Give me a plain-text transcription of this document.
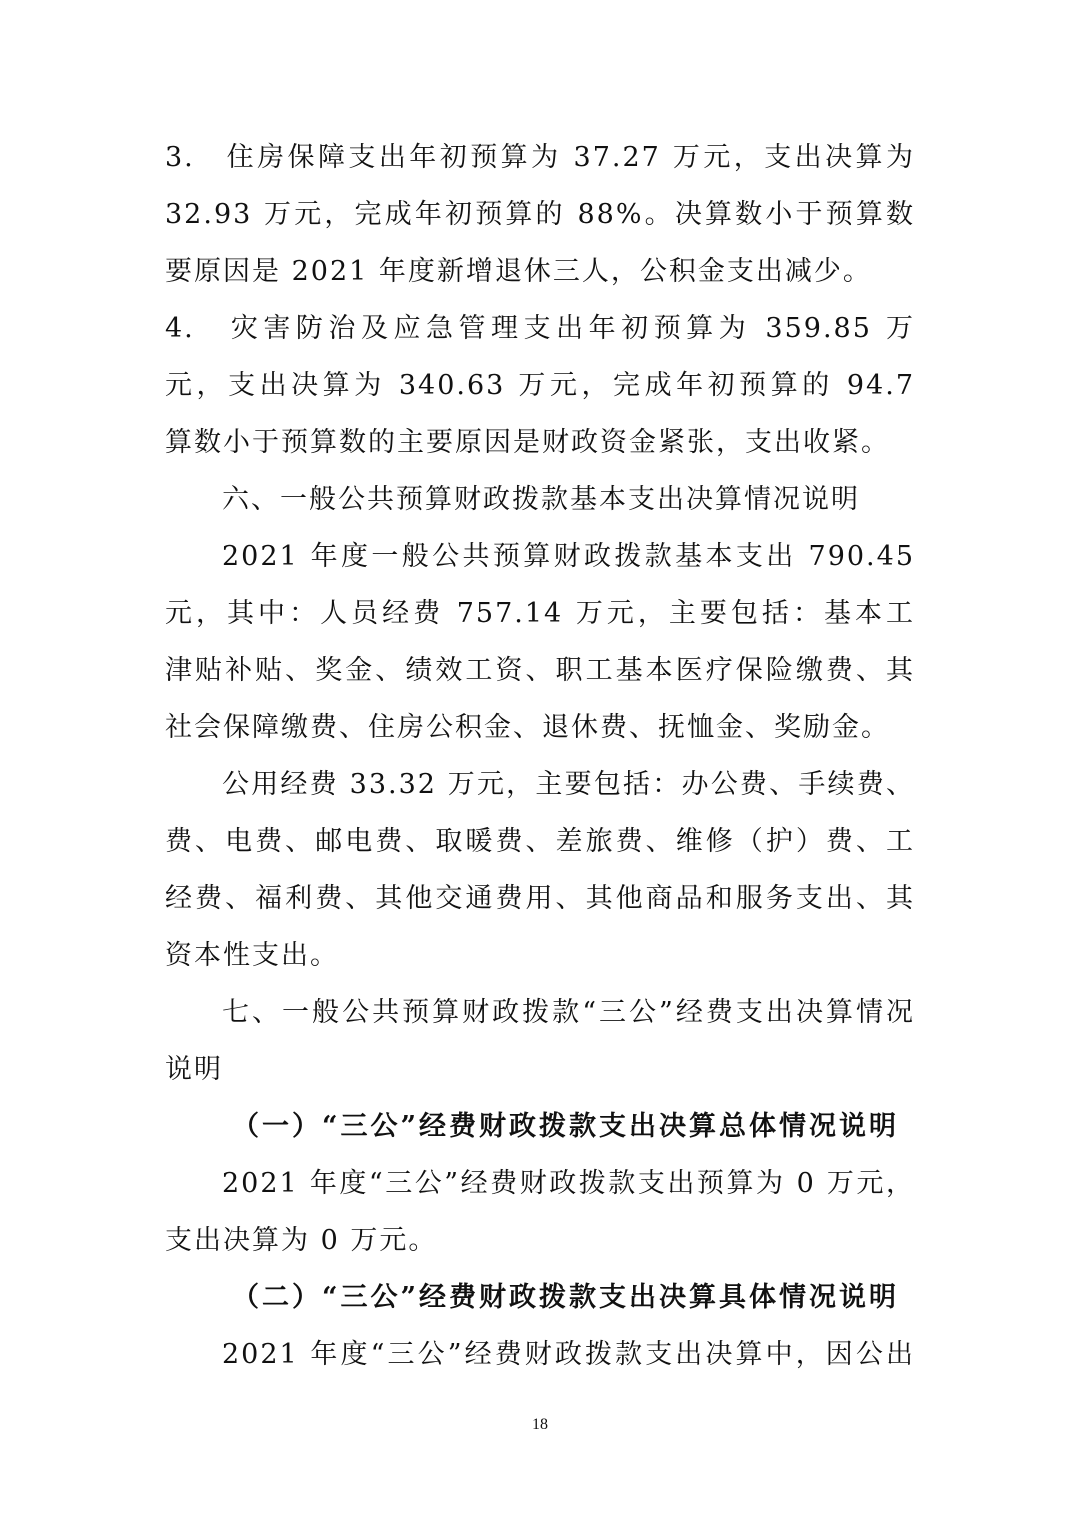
3.　住房保障支出年初预算为 37.27 万元，支出决算为
32.93 万元，完成年初预算的 88%。决算数小于预算数
要原因是 2021 年度新增退休三人，公积金支出减少。
4.　灾害防治及应急管理支出年初预算为 359.85 万
元，支出决算为 340.63 万元，完成年初预算的 94.7
算数小于预算数的主要原因是财政资金紧张，支出收紧。
六、一般公共预算财政拨款基本支出决算情况说明
2021 年度一般公共预算财政拨款基本支出 790.45
元，其中：人员经费 757.14 万元，主要包括：基本工
津贴补贴、奖金、绩效工资、职工基本医疗保险缴费、其
社会保障缴费、住房公积金、退休费、抚恤金、奖励金。
公用经费 33.32 万元，主要包括：办公费、手续费、
费、电费、邮电费、取暖费、差旅费、维修（护）费、工
经费、福利费、其他交通费用、其他商品和服务支出、其
资本性支出。
七、一般公共预算财政拨款“三公”经费支出决算情况
说明
（一）“三公”经费财政拨款支出决算总体情况说明
2021 年度“三公”经费财政拨款支出预算为 0 万元，
支出决算为 0 万元。
（二）“三公”经费财政拨款支出决算具体情况说明
2021 年度“三公”经费财政拨款支出决算中，因公出
18
